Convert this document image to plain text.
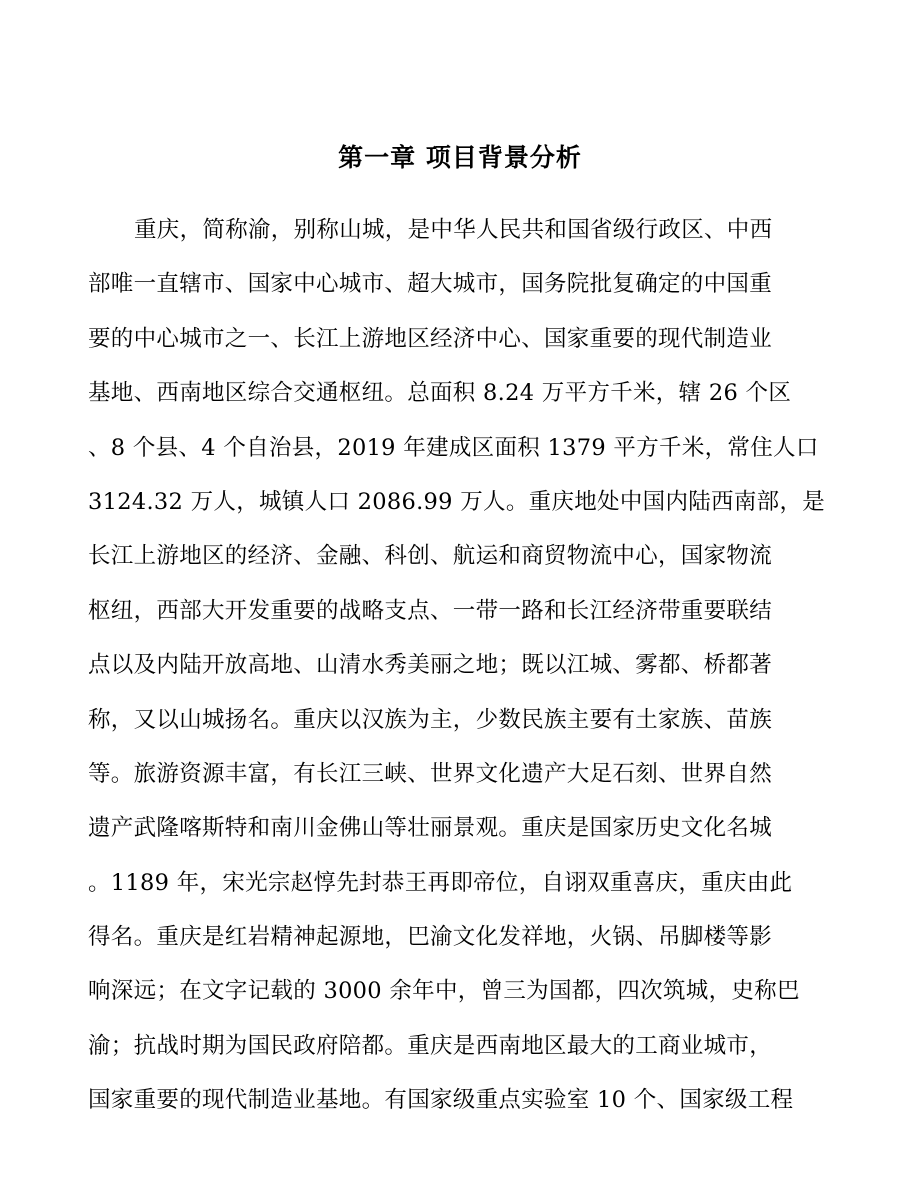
第一章 项目背景分析
重庆，简称渝，别称山城，是中华人民共和国省级行政区、中西
部唯一直辖市、国家中心城市、超大城市，国务院批复确定的中国重
要的中心城市之一、长江上游地区经济中心、国家重要的现代制造业
基地、西南地区综合交通枢纽。总面积 8.24 万平方千米，辖 26 个区
、8 个县、4 个自治县，2019 年建成区面积 1379 平方千米，常住人口
3124.32 万人，城镇人口 2086.99 万人。重庆地处中国内陆西南部，是
长江上游地区的经济、金融、科创、航运和商贸物流中心，国家物流
枢纽，西部大开发重要的战略支点、一带一路和长江经济带重要联结
点以及内陆开放高地、山清水秀美丽之地；既以江城、雾都、桥都著
称，又以山城扬名。重庆以汉族为主，少数民族主要有土家族、苗族
等。旅游资源丰富，有长江三峡、世界文化遗产大足石刻、世界自然
遗产武隆喀斯特和南川金佛山等壮丽景观。重庆是国家历史文化名城
。1189 年，宋光宗赵惇先封恭王再即帝位，自诩双重喜庆，重庆由此
得名。重庆是红岩精神起源地，巴渝文化发祥地，火锅、吊脚楼等影
响深远；在文字记载的 3000 余年中，曾三为国都，四次筑城，史称巴
渝；抗战时期为国民政府陪都。重庆是西南地区最大的工商业城市，
国家重要的现代制造业基地。有国家级重点实验室 10 个、国家级工程
